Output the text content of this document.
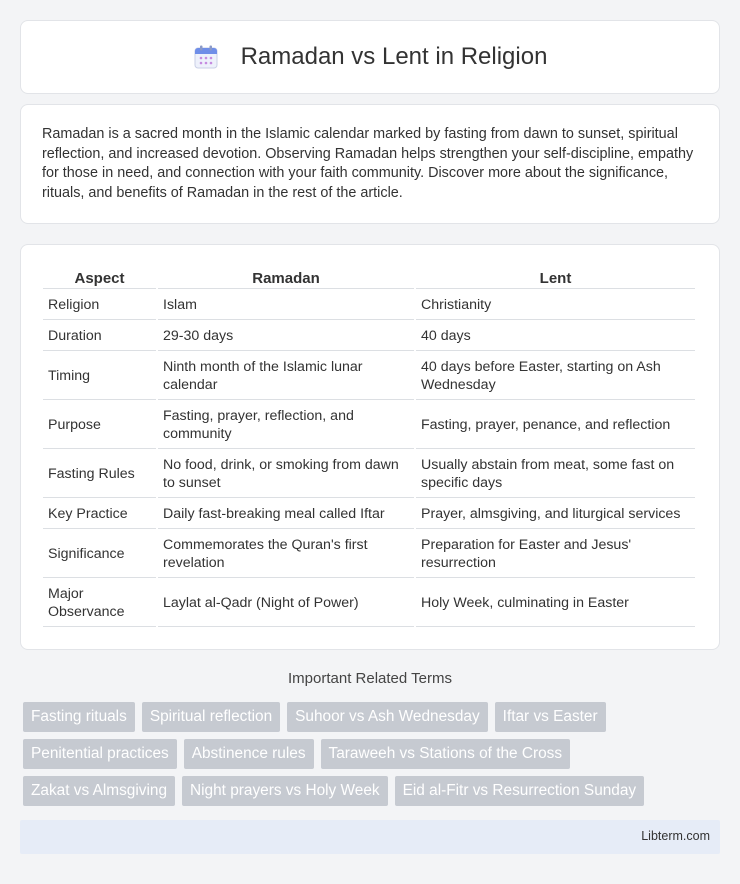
Ramadan vs Lent in Religion

Ramadan is a sacred month in the Islamic calendar marked by fasting from dawn to sunset, spiritual reflection, and increased devotion. Observing Ramadan helps strengthen your self-discipline, empathy for those in need, and connection with your faith community. Discover more about the significance, rituals, and benefits of Ramadan in the rest of the article.

Aspect	Ramadan	Lent
Religion	Islam	Christianity
Duration	29-30 days	40 days
Timing	Ninth month of the Islamic lunar calendar	40 days before Easter, starting on Ash Wednesday
Purpose	Fasting, prayer, reflection, and community	Fasting, prayer, penance, and reflection
Fasting Rules	No food, drink, or smoking from dawn to sunset	Usually abstain from meat, some fast on specific days
Key Practice	Daily fast-breaking meal called Iftar	Prayer, almsgiving, and liturgical services
Significance	Commemorates the Quran's first revelation	Preparation for Easter and Jesus' resurrection
Major Observance	Laylat al-Qadr (Night of Power)	Holy Week, culminating in Easter
Important Related Terms
Fasting rituals	Spiritual reflection	Suhoor vs Ash Wednesday	Iftar vs Easter
Penitential practices	Abstinence rules	Taraweeh vs Stations of the Cross
Zakat vs Almsgiving	Night prayers vs Holy Week	Eid al-Fitr vs Resurrection Sunday
Libterm.com
